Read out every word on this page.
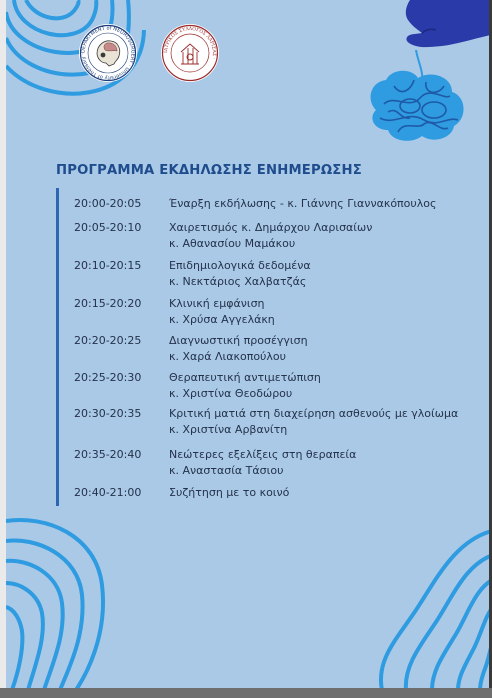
DEPARTMENT of NEUROSURGERY · University of Thessaly ·
ΙΑΤΡΙΚΟΣ ΣΥΛΛΟΓΟΣ ΛΑΡΙΣΑΣ ·
ΠΡΟΓΡΑΜΜΑ ΕΚΔΗΛΩΣΗΣ ΕΝΗΜΕΡΩΣΗΣ
20:00-20:05	Έναρξη εκδήλωσης - κ. Γιάννης Γιαννακόπουλος
20:05-20:10	Χαιρετισμός κ. Δημάρχου Λαρισαίων
κ. Αθανασίου Μαμάκου
20:10-20:15	Επιδημιολογικά δεδομένα
κ. Νεκτάριος Χαλβατζάς
20:15-20:20	Κλινική εμφάνιση
κ. Χρύσα Αγγελάκη
20:20-20:25	Διαγνωστική προσέγγιση
κ. Χαρά Λιακοπούλου
20:25-20:30	Θεραπευτική αντιμετώπιση
κ. Χριστίνα Θεοδώρου
20:30-20:35	Κριτική ματιά στη διαχείρηση ασθενούς με γλοίωμα
κ. Χριστίνα Αρβανίτη
20:35-20:40	Νεώτερες εξελίξεις στη θεραπεία
κ. Αναστασία Τάσιου
20:40-21:00	Συζήτηση με το κοινό
